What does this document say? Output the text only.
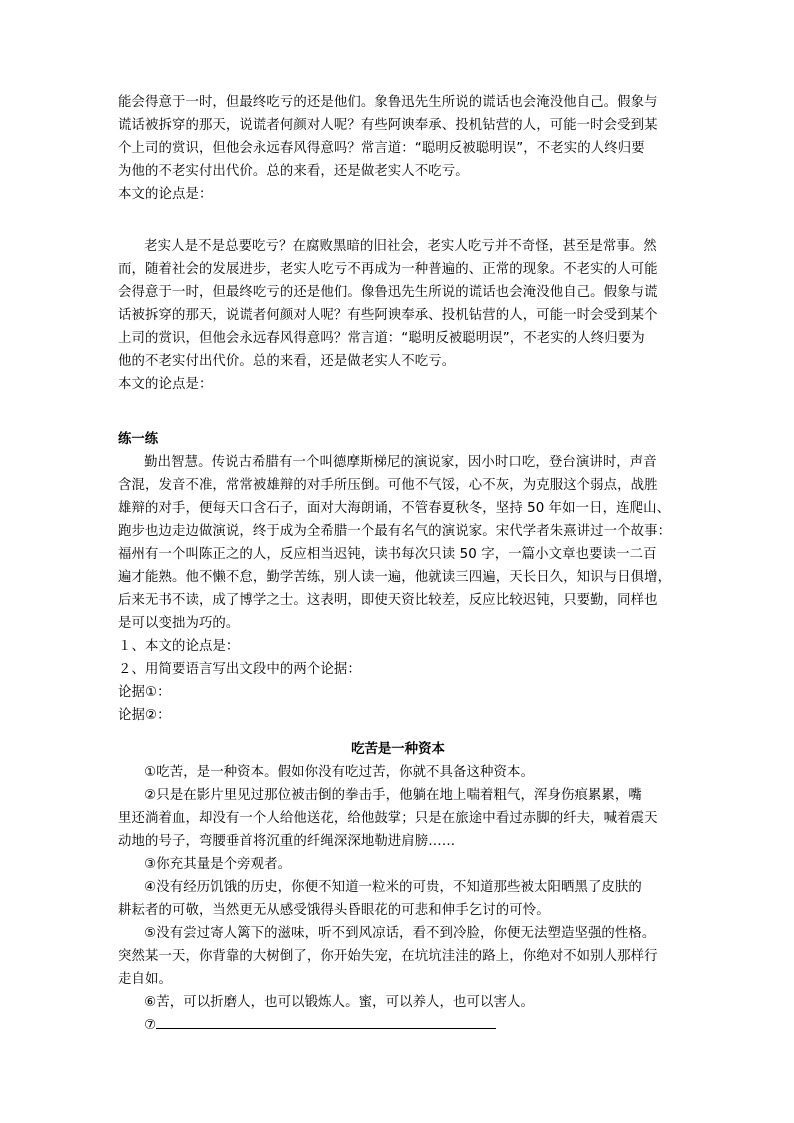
能会得意于一时，但最终吃亏的还是他们。象鲁迅先生所说的谎话也会淹没他自己。假象与
谎话被拆穿的那天，说谎者何颜对人呢？有些阿谀奉承、投机钻营的人，可能一时会受到某
个上司的赏识，但他会永远春风得意吗？常言道：“聪明反被聪明误”，不老实的人终归要
为他的不老实付出代价。总的来看，还是做老实人不吃亏。
本文的论点是：
老实人是不是总要吃亏？在腐败黑暗的旧社会，老实人吃亏并不奇怪，甚至是常事。然
而，随着社会的发展进步，老实人吃亏不再成为一种普遍的、正常的现象。不老实的人可能
会得意于一时，但最终吃亏的还是他们。像鲁迅先生所说的谎话也会淹没他自己。假象与谎
话被拆穿的那天，说谎者何颜对人呢？有些阿谀奉承、投机钻营的人，可能一时会受到某个
上司的赏识，但他会永远春风得意吗？常言道：“聪明反被聪明误”，不老实的人终归要为
他的不老实付出代价。总的来看，还是做老实人不吃亏。
本文的论点是：
练一练
勤出智慧。传说古希腊有一个叫德摩斯梯尼的演说家，因小时口吃，登台演讲时，声音
含混，发音不准，常常被雄辩的对手所压倒。可他不气馁，心不灰，为克服这个弱点，战胜
雄辩的对手，便每天口含石子，面对大海朗诵，不管春夏秋冬，坚持 50 年如一日，连爬山、
跑步也边走边做演说，终于成为全希腊一个最有名气的演说家。宋代学者朱熹讲过一个故事：
福州有一个叫陈正之的人，反应相当迟钝，读书每次只读 50 字，一篇小文章也要读一二百
遍才能熟。他不懒不怠，勤学苦练，别人读一遍，他就读三四遍，天长日久，知识与日俱增，
后来无书不读，成了博学之士。这表明，即使天资比较差，反应比较迟钝，只要勤，同样也
是可以变拙为巧的。
１、本文的论点是：
２、用简要语言写出文段中的两个论据：
论据①：
论据②：
吃苦是一种资本
①吃苦，是一种资本。假如你没有吃过苦，你就不具备这种资本。
②只是在影片里见过那位被击倒的拳击手，他躺在地上喘着粗气，浑身伤痕累累，嘴
里还淌着血，却没有一个人给他送花，给他鼓掌；只是在旅途中看过赤脚的纤夫，喊着震天
动地的号子，弯腰垂首将沉重的纤绳深深地勒进肩膀……
③你充其量是个旁观者。
④没有经历饥饿的历史，你便不知道一粒米的可贵，不知道那些被太阳晒黑了皮肤的
耕耘者的可敬，当然更无从感受饿得头昏眼花的可悲和伸手乞讨的可怜。
⑤没有尝过寄人篱下的滋味，听不到风凉话，看不到冷脸，你便无法塑造坚强的性格。
突然某一天，你背靠的大树倒了，你开始失宠，在坑坑洼洼的路上，你绝对不如别人那样行
走自如。
⑥苦，可以折磨人，也可以锻炼人。蜜，可以养人，也可以害人。
⑦
